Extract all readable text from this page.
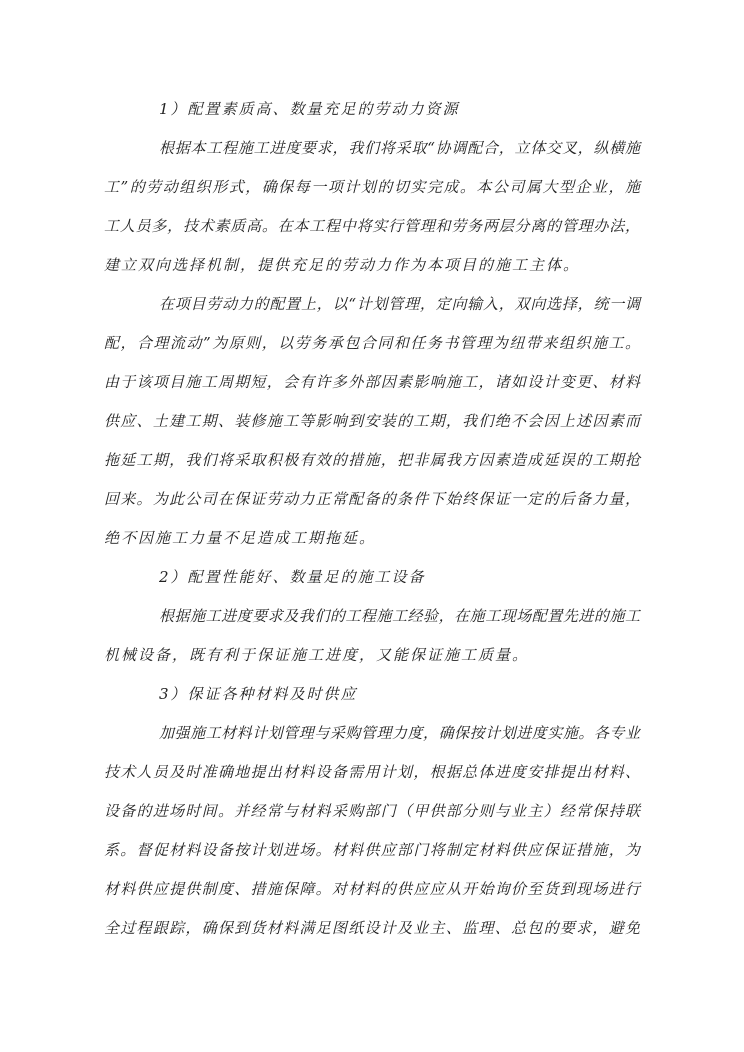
1）配置素质高、数量充足的劳动力资源
根据本工程施工进度要求，我们将采取“协调配合，立体交叉，纵横施
工”的劳动组织形式，确保每一项计划的切实完成。本公司属大型企业，施
工人员多，技术素质高。在本工程中将实行管理和劳务两层分离的管理办法，
建立双向选择机制，提供充足的劳动力作为本项目的施工主体。
在项目劳动力的配置上，以“计划管理，定向输入，双向选择，统一调
配，合理流动”为原则，以劳务承包合同和任务书管理为纽带来组织施工。
由于该项目施工周期短，会有许多外部因素影响施工，诸如设计变更、材料
供应、土建工期、装修施工等影响到安装的工期，我们绝不会因上述因素而
拖延工期，我们将采取积极有效的措施，把非属我方因素造成延误的工期抢
回来。为此公司在保证劳动力正常配备的条件下始终保证一定的后备力量，
绝不因施工力量不足造成工期拖延。
2）配置性能好、数量足的施工设备
根据施工进度要求及我们的工程施工经验，在施工现场配置先进的施工
机械设备，既有利于保证施工进度，又能保证施工质量。
3）保证各种材料及时供应
加强施工材料计划管理与采购管理力度，确保按计划进度实施。各专业
技术人员及时准确地提出材料设备需用计划，根据总体进度安排提出材料、
设备的进场时间。并经常与材料采购部门（甲供部分则与业主）经常保持联
系。督促材料设备按计划进场。材料供应部门将制定材料供应保证措施，为
材料供应提供制度、措施保障。对材料的供应应从开始询价至货到现场进行
全过程跟踪，确保到货材料满足图纸设计及业主、监理、总包的要求，避免
